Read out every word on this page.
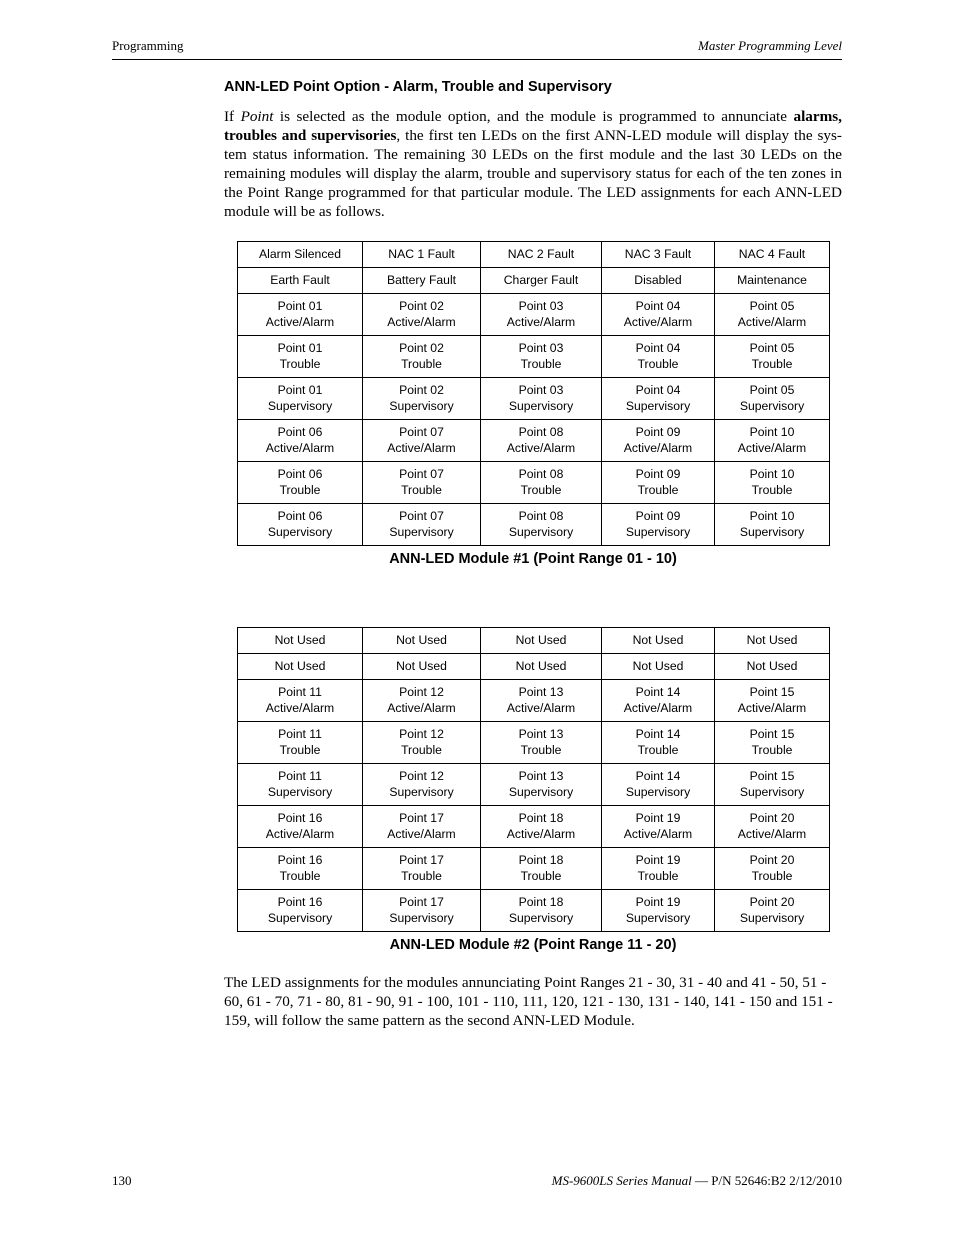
Programming	Master Programming Level
ANN-LED Point Option - Alarm, Trouble and Supervisory

If Point is selected as the module option, and the module is programmed to annunciate alarms, troubles and supervisories, the first ten LEDs on the first ANN-LED module will display the sys-tem status information. The remaining 30 LEDs on the first module and the last 30 LEDs on the remaining modules will display the alarm, trouble and supervisory status for each of the ten zones in the Point Range programmed for that particular module. The LED assignments for each ANN-LED module will be as follows.

Alarm Silenced	NAC 1 Fault	NAC 2 Fault	NAC 3 Fault	NAC 4 Fault

Earth Fault	Battery Fault	Charger Fault	Disabled	Maintenance

Point 01
Active/Alarm	Point 02
Active/Alarm	Point 03
Active/Alarm	Point 04
Active/Alarm	Point 05
Active/Alarm

Point 01
Trouble	Point 02
Trouble	Point 03
Trouble	Point 04
Trouble	Point 05
Trouble

Point 01
Supervisory	Point 02
Supervisory	Point 03
Supervisory	Point 04
Supervisory	Point 05
Supervisory

Point 06
Active/Alarm	Point 07
Active/Alarm	Point 08
Active/Alarm	Point 09
Active/Alarm	Point 10
Active/Alarm

Point 06
Trouble	Point 07
Trouble	Point 08
Trouble	Point 09
Trouble	Point 10
Trouble

Point 06
Supervisory	Point 07
Supervisory	Point 08
Supervisory	Point 09
Supervisory	Point 10
Supervisory
ANN-LED Module #1 (Point Range 01 - 10)
Not Used	Not Used	Not Used	Not Used	Not Used

Not Used	Not Used	Not Used	Not Used	Not Used

Point 11
Active/Alarm	Point 12
Active/Alarm	Point 13
Active/Alarm	Point 14
Active/Alarm	Point 15
Active/Alarm

Point 11
Trouble	Point 12
Trouble	Point 13
Trouble	Point 14
Trouble	Point 15
Trouble

Point 11
Supervisory	Point 12
Supervisory	Point 13
Supervisory	Point 14
Supervisory	Point 15
Supervisory

Point 16
Active/Alarm	Point 17
Active/Alarm	Point 18
Active/Alarm	Point 19
Active/Alarm	Point 20
Active/Alarm

Point 16
Trouble	Point 17
Trouble	Point 18
Trouble	Point 19
Trouble	Point 20
Trouble

Point 16
Supervisory	Point 17
Supervisory	Point 18
Supervisory	Point 19
Supervisory	Point 20
Supervisory
ANN-LED Module #2 (Point Range 11 - 20)

The LED assignments for the modules annunciating Point Ranges 21 - 30, 31 - 40 and 41 - 50, 51 - 60, 61 - 70, 71 - 80, 81 - 90, 91 - 100, 101 - 110, 111, 120, 121 - 130, 131 - 140, 141 - 150 and 151 - 159, will follow the same pattern as the second ANN-LED Module.

130	MS-9600LS Series Manual — P/N 52646:B2 2/12/2010
